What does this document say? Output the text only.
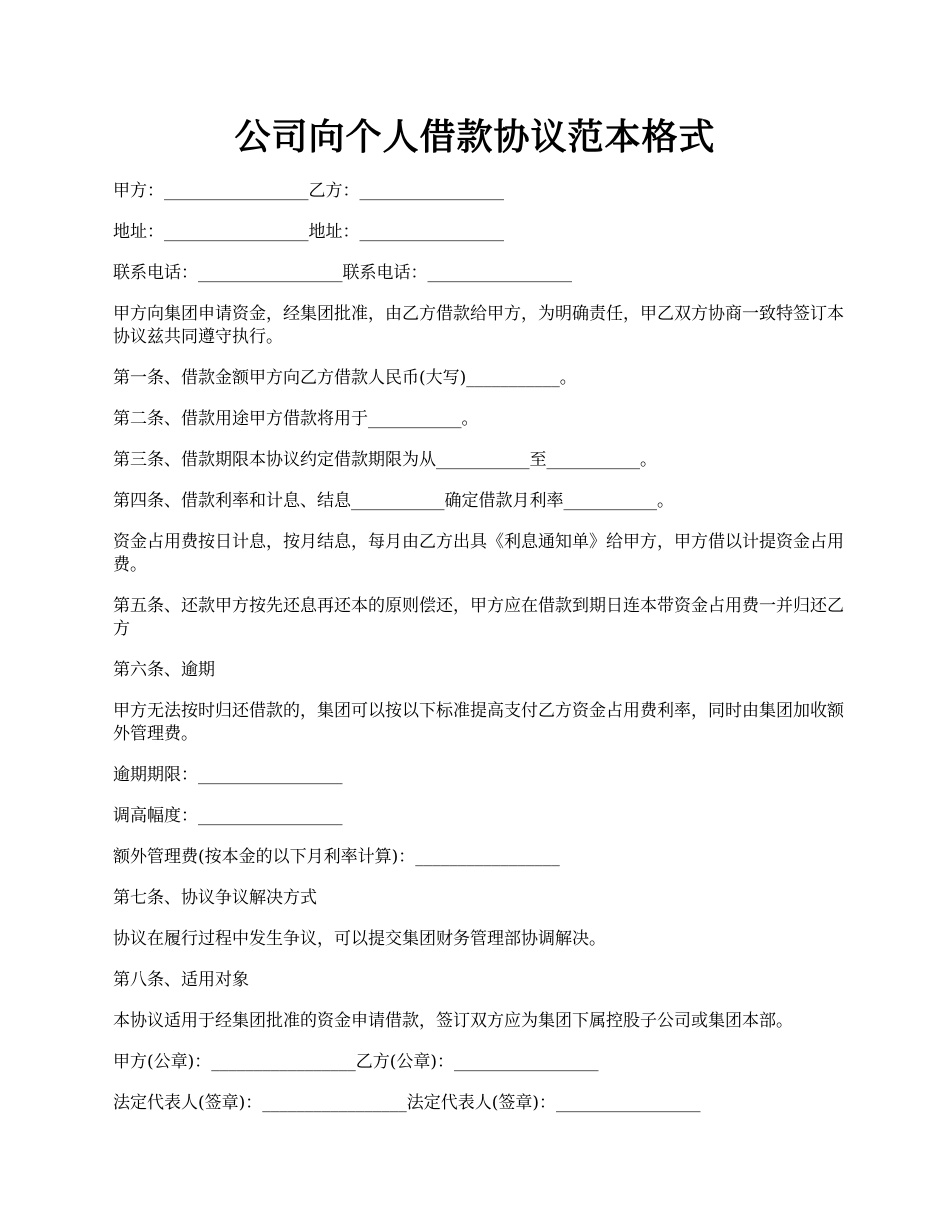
公司向个人借款协议范本格式

甲方：_________________乙方：_________________

地址：_________________地址：_________________

联系电话：_________________联系电话：_________________

甲方向集团申请资金，经集团批准，由乙方借款给甲方，为明确责任，甲乙双方协商一致特签订本协议兹共同遵守执行。

第一条、借款金额甲方向乙方借款人民币(大写)___________。

第二条、借款用途甲方借款将用于___________。

第三条、借款期限本协议约定借款期限为从___________至___________。

第四条、借款利率和计息、结息___________确定借款月利率___________。

资金占用费按日计息，按月结息，每月由乙方出具《利息通知单》给甲方，甲方借以计提资金占用费。

第五条、还款甲方按先还息再还本的原则偿还，甲方应在借款到期日连本带资金占用费一并归还乙方

第六条、逾期

甲方无法按时归还借款的，集团可以按以下标准提高支付乙方资金占用费利率，同时由集团加收额外管理费。

逾期期限：_________________

调高幅度：_________________

额外管理费(按本金的以下月利率计算)：_________________

第七条、协议争议解决方式

协议在履行过程中发生争议，可以提交集团财务管理部协调解决。

第八条、适用对象

本协议适用于经集团批准的资金申请借款，签订双方应为集团下属控股子公司或集团本部。

甲方(公章)：_________________乙方(公章)：_________________

法定代表人(签章)：_________________法定代表人(签章)：_________________
